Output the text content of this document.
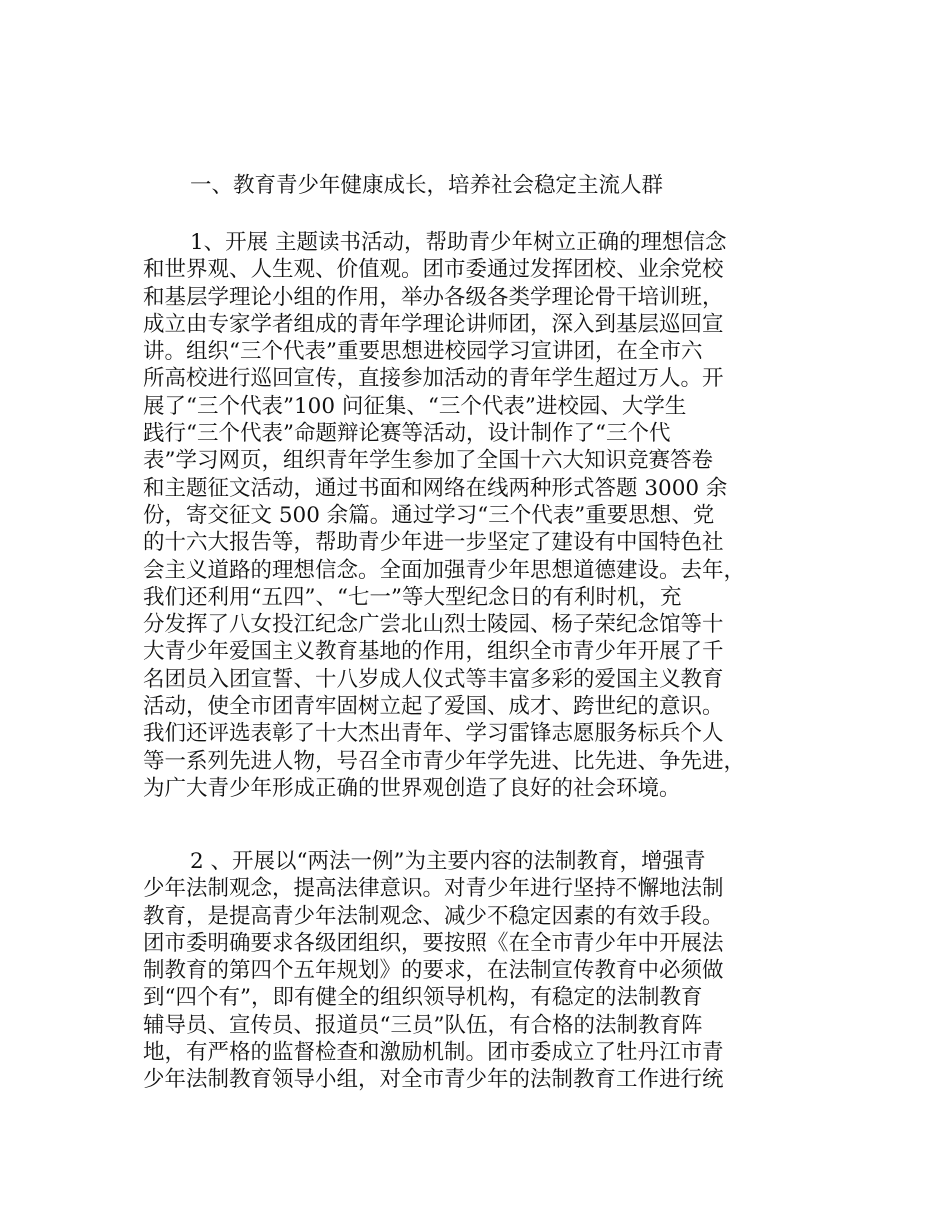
一、教育青少年健康成长，培养社会稳定主流人群
1、开展 主题读书活动，帮助青少年树立正确的理想信念
和世界观、人生观、价值观。团市委通过发挥团校、业余党校
和基层学理论小组的作用，举办各级各类学理论骨干培训班，
成立由专家学者组成的青年学理论讲师团，深入到基层巡回宣
讲。组织“三个代表”重要思想进校园学习宣讲团，在全市六
所高校进行巡回宣传，直接参加活动的青年学生超过万人。开
展了“三个代表”100 问征集、“三个代表”进校园、大学生
践行“三个代表”命题辩论赛等活动，设计制作了“三个代
表”学习网页，组织青年学生参加了全国十六大知识竞赛答卷
和主题征文活动，通过书面和网络在线两种形式答题 3000 余
份，寄交征文 500 余篇。通过学习“三个代表”重要思想、党
的十六大报告等，帮助青少年进一步坚定了建设有中国特色社
会主义道路的理想信念。全面加强青少年思想道德建设。去年，
我们还利用“五四”、“七一”等大型纪念日的有利时机，充
分发挥了八女投江纪念广尝北山烈士陵园、杨子荣纪念馆等十
大青少年爱国主义教育基地的作用，组织全市青少年开展了千
名团员入团宣誓、十八岁成人仪式等丰富多彩的爱国主义教育
活动，使全市团青牢固树立起了爱国、成才、跨世纪的意识。
我们还评选表彰了十大杰出青年、学习雷锋志愿服务标兵个人
等一系列先进人物，号召全市青少年学先进、比先进、争先进，
为广大青少年形成正确的世界观创造了良好的社会环境。
2 、开展以“两法一例”为主要内容的法制教育，增强青
少年法制观念，提高法律意识。对青少年进行坚持不懈地法制
教育，是提高青少年法制观念、减少不稳定因素的有效手段。
团市委明确要求各级团组织，要按照《在全市青少年中开展法
制教育的第四个五年规划》的要求，在法制宣传教育中必须做
到“四个有”，即有健全的组织领导机构，有稳定的法制教育
辅导员、宣传员、报道员“三员”队伍，有合格的法制教育阵
地，有严格的监督检查和激励机制。团市委成立了牡丹江市青
少年法制教育领导小组，对全市青少年的法制教育工作进行统
